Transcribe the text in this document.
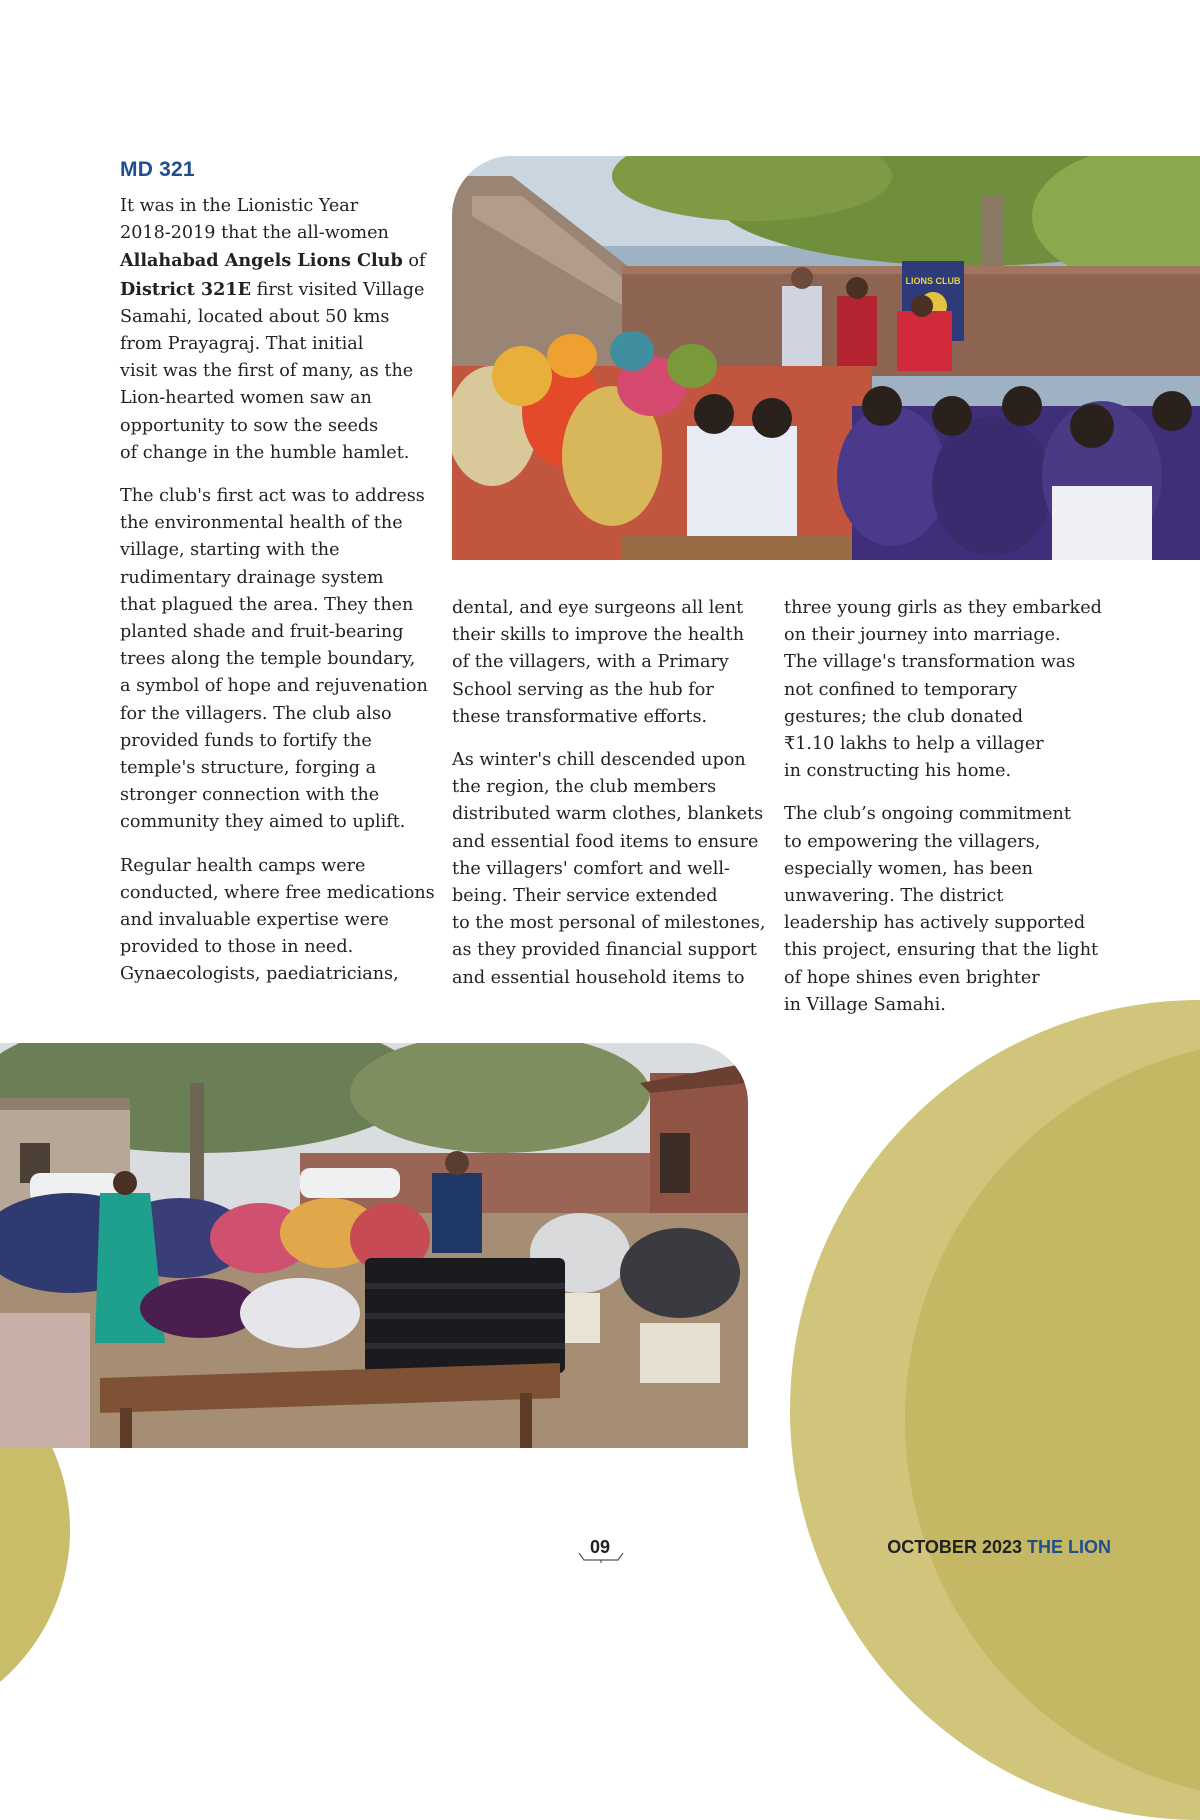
LIONS CLUB
MD 321

It was in the Lionistic Year
2018-2019 that the all-women
Allahabad Angels Lions Club of
District 321E first visited Village
Samahi, located about 50 kms
from Prayagraj. That initial
visit was the first of many, as the
Lion-hearted women saw an
opportunity to sow the seeds
of change in the humble hamlet.

The club's first act was to address
the environmental health of the
village, starting with the
rudimentary drainage system
that plagued the area. They then
planted shade and fruit-bearing
trees along the temple boundary,
a symbol of hope and rejuvenation
for the villagers. The club also
provided funds to fortify the
temple's structure, forging a
stronger connection with the
community they aimed to uplift.

Regular health camps were
conducted, where free medications
and invaluable expertise were
provided to those in need.
Gynaecologists, paediatricians,

dental, and eye surgeons all lent
their skills to improve the health
of the villagers, with a Primary
School serving as the hub for
these transformative efforts.

As winter's chill descended upon
the region, the club members
distributed warm clothes, blankets
and essential food items to ensure
the villagers' comfort and well-
being. Their service extended
to the most personal of milestones,
as they provided financial support
and essential household items to

three young girls as they embarked
on their journey into marriage.
The village's transformation was
not confined to temporary
gestures; the club donated
₹1.10 lakhs to help a villager
in constructing his home.

The club’s ongoing commitment
to empowering the villagers,
especially women, has been
unwavering. The district
leadership has actively supported
this project, ensuring that the light
of hope shines even brighter
in Village Samahi.

09	OCTOBER 2023 THE LION
